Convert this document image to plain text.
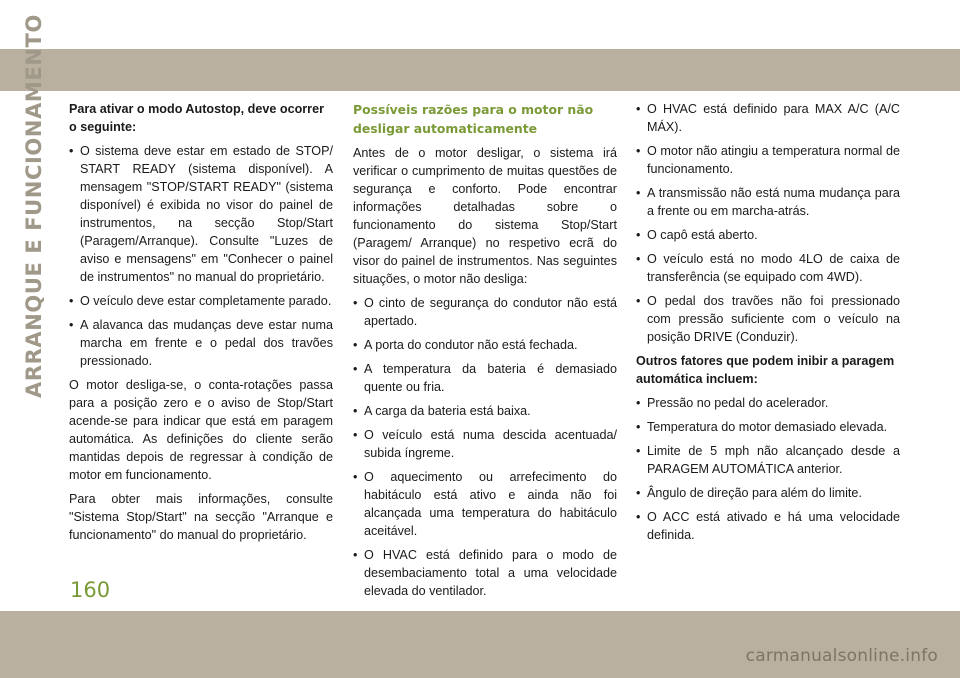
ARRANQUE E FUNCIONAMENTO Para ativar o modo Autostop, deve ocorrer o seguinte:

• O sistema deve estar em estado de STOP/ START READY (sistema disponível). A mensagem "STOP/START READY" (sistema disponível) é exibida no visor do painel de instrumentos, na secção Stop/Start (Paragem/Arranque). Consulte "Luzes de aviso e mensagens" em "Conhecer o painel de instrumentos" no manual do proprietário.
• O veículo deve estar completamente parado.
• A alavanca das mudanças deve estar numa marcha em frente e o pedal dos travões pressionado.

O motor desliga-se, o conta-rotações passa para a posição zero e o aviso de Stop/Start acende-se para indicar que está em paragem automática. As definições do cliente serão mantidas depois de regressar à condição de motor em funcionamento.

Para obter mais informações, consulte "Sistema Stop/Start" na secção "Arranque e funcionamento" do manual do proprietário.

Possíveis razões para o motor não desligar automaticamente

Antes de o motor desligar, o sistema irá verificar o cumprimento de muitas questões de segurança e conforto. Pode encontrar informações detalhadas sobre o funcionamento do sistema Stop/Start (Paragem/ Arranque) no respetivo ecrã do visor do painel de instrumentos. Nas seguintes situações, o motor não desliga:

• O cinto de segurança do condutor não está apertado.
• A porta do condutor não está fechada.
• A temperatura da bateria é demasiado quente ou fria.
• A carga da bateria está baixa.
• O veículo está numa descida acentuada/ subida íngreme.
• O aquecimento ou arrefecimento do habitáculo está ativo e ainda não foi alcançada uma temperatura do habitáculo aceitável.
• O HVAC está definido para o modo de desembaciamento total a uma velocidade elevada do ventilador.
• O HVAC está definido para MAX A/C (A/C MÁX).
• O motor não atingiu a temperatura normal de funcionamento.
• A transmissão não está numa mudança para a frente ou em marcha-atrás.
• O capô está aberto.
• O veículo está no modo 4LO de caixa de transferência (se equipado com 4WD).
• O pedal dos travões não foi pressionado com pressão suficiente com o veículo na posição DRIVE (Conduzir).

Outros fatores que podem inibir a paragem automática incluem:

• Pressão no pedal do acelerador.
• Temperatura do motor demasiado elevada.
• Limite de 5 mph não alcançado desde a PARAGEM AUTOMÁTICA anterior.
• Ângulo de direção para além do limite.
• O ACC está ativado e há uma velocidade definida.
160
carmanualsonline.info
